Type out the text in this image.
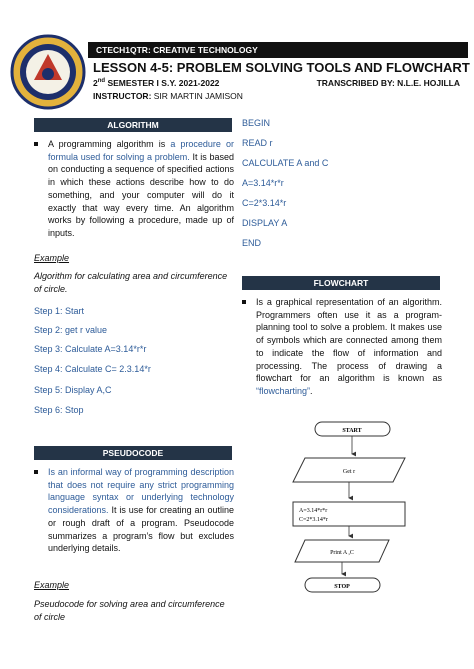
CTECH1QTR: CREATIVE TECHNOLOGY
LESSON 4-5: PROBLEM SOLVING TOOLS AND FLOWCHART
2nd SEMESTER I S.Y. 2021-2022	TRANSCRIBED BY: N.L.E. HOJILLA
INSTRUCTOR: SIR MARTIN JAMISON
ALGORITHM

A programming algorithm is a procedure or formula used for solving a problem. It is based on conducting a sequence of specified actions in which these actions describe how to do something, and your computer will do it exactly that way every time. An algorithm works by following a procedure, made up of inputs.

Example
Algorithm for calculating area and circumference of circle.
Step 1: Start
Step 2: get r value
Step 3: Calculate A=3.14*r*r
Step 4: Calculate C= 2.3.14*r
Step 5: Display A,C
Step 6: Stop
PSEUDOCODE

Is an informal way of programming description that does not require any strict programming language syntax or underlying technology considerations. It is use for creating an outline or rough draft of a program. Pseudocode summarizes a program’s flow but excludes underlying details.

Example
Pseudocode for solving area and circumference of circle
BEGIN
READ r
CALCULATE A and C
A=3.14*r*r
C=2*3.14*r
DISPLAY A
END
FLOWCHART

Is a graphical representation of an algorithm. Programmers often use it as a program-planning tool to solve a problem. It makes use of symbols which are connected among them to indicate the flow of information and processing. The process of drawing a flowchart for an algorithm is known as “flowcharting”.

START
Get r
A=3.14*r*r
C=2*3.14*r
Print A ,C
STOP
